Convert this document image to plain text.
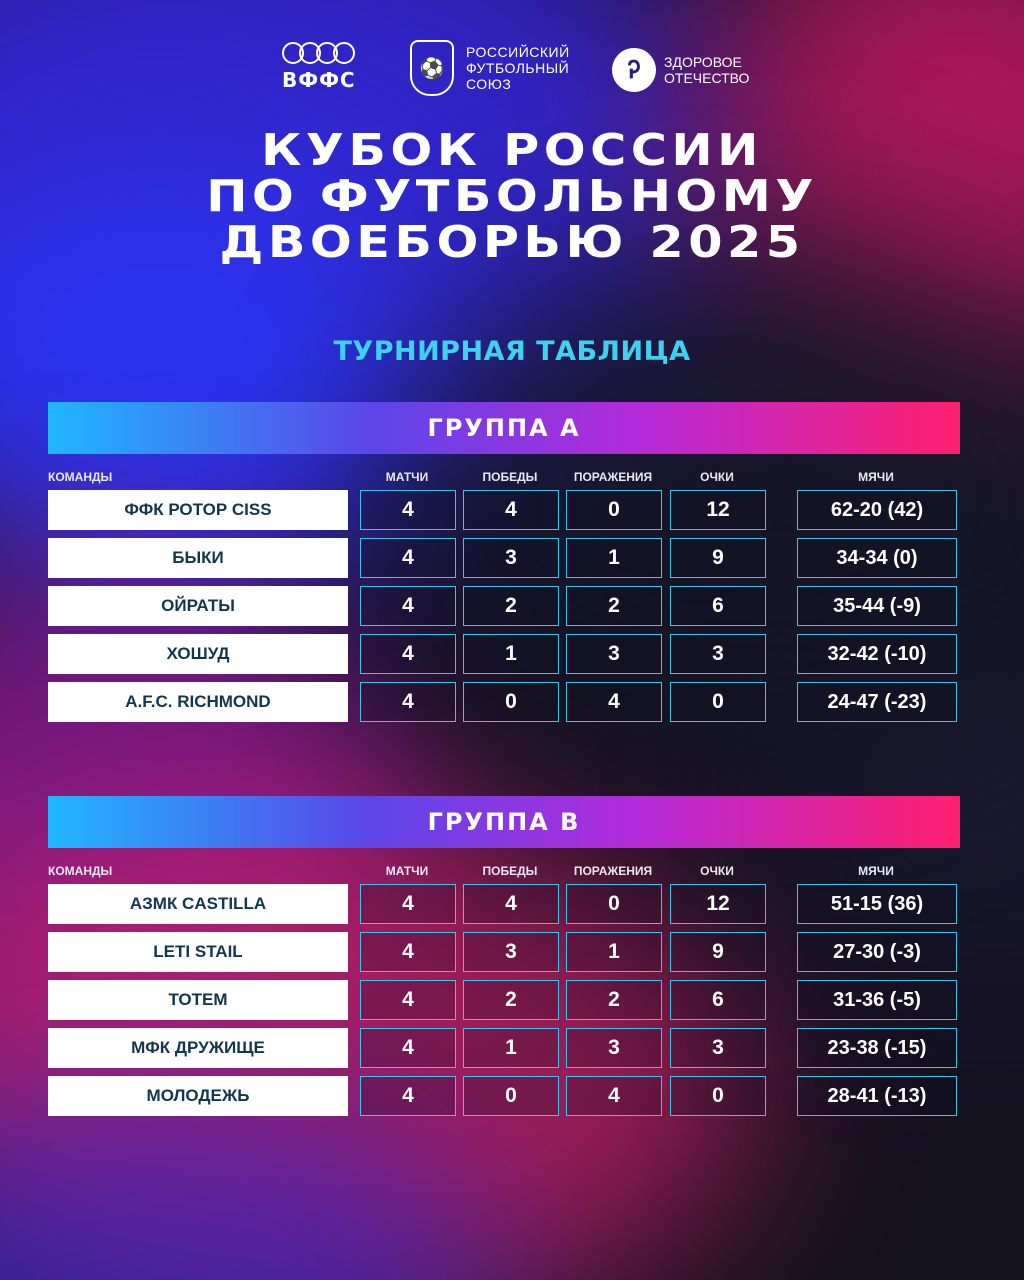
ВФФС	⚽
РОССИЙСКИЙ
ФУТБОЛЬНЫЙ
СОЮЗ	Ꭾ	ЗДОРОВОЕ
ОТЕЧЕСТВО
КУБОК РОССИИ
ПО ФУТБОЛЬНОМУ
ДВОЕБОРЬЮ 2025
ТУРНИРНАЯ ТАБЛИЦА
ГРУППА А
КОМАНДЫ	МАТЧИ	ПОБЕДЫ	ПОРАЖЕНИЯ	ОЧКИ	МЯЧИ
ФФК РОТОР CISS	4	4	0	12	62-20 (42)
БЫКИ	4	3	1	9	34-34 (0)
ОЙРАТЫ	4	2	2	6	35-44 (-9)
ХОШУД	4	1	3	3	32-42 (-10)
A.F.C. RICHMOND	4	0	4	0	24-47 (-23)
ГРУППА B
КОМАНДЫ	МАТЧИ	ПОБЕДЫ	ПОРАЖЕНИЯ	ОЧКИ	МЯЧИ
АЗМК CASTILLA	4	4	0	12	51-15 (36)
LETI STAIL	4	3	1	9	27-30 (-3)
ТОТЕМ	4	2	2	6	31-36 (-5)
МФК ДРУЖИЩЕ	4	1	3	3	23-38 (-15)
МОЛОДЕЖЬ	4	0	4	0	28-41 (-13)
